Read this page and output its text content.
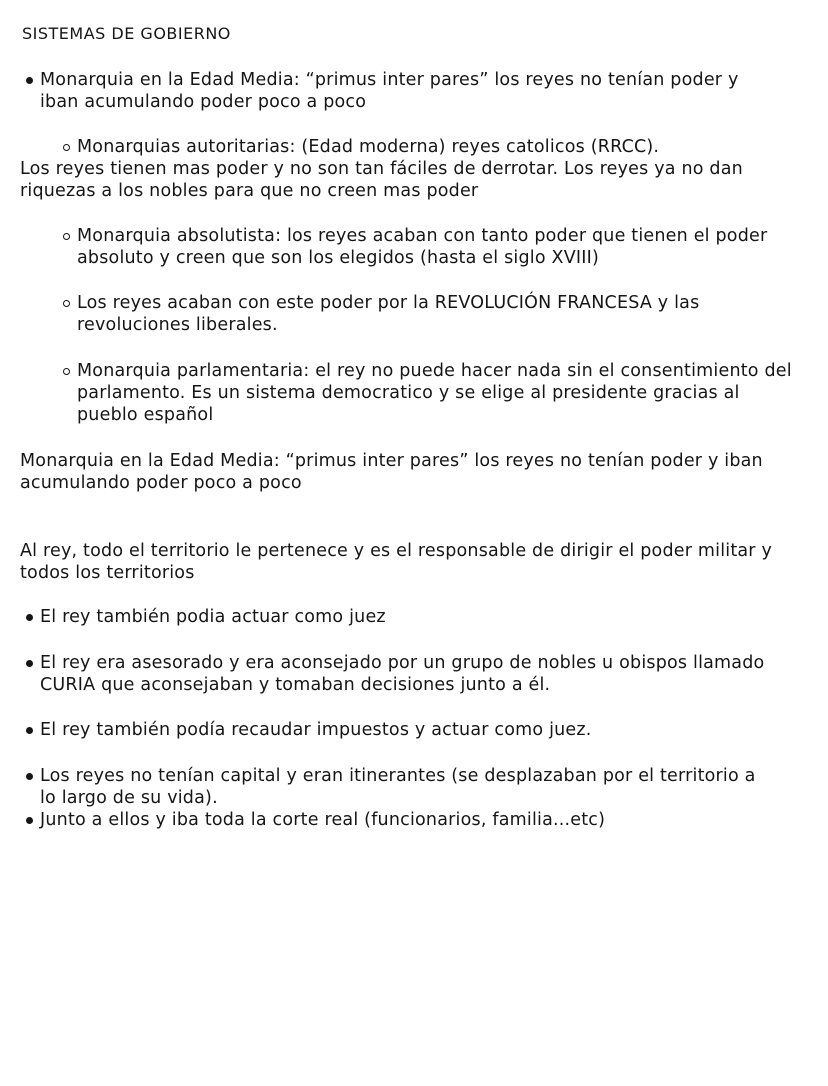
SISTEMAS DE GOBIERNO
Monarquia en la Edad Media: “primus inter pares” los reyes no tenían poder y iban acumulando poder poco a poco
Monarquias autoritarias: (Edad moderna) reyes catolicos (RRCC).
Los reyes tienen mas poder y no son tan fáciles de derrotar. Los reyes ya no dan riquezas a los nobles para que no creen mas poder
Monarquia absolutista: los reyes acaban con tanto poder que tienen el poder absoluto y creen que son los elegidos (hasta el siglo XVIII)
Los reyes acaban con este poder por la REVOLUCIÓN FRANCESA y las revoluciones liberales.
Monarquia parlamentaria: el rey no puede hacer nada sin el consentimiento del parlamento. Es un sistema democratico y se elige al presidente gracias al pueblo español
Monarquia en la Edad Media: “primus inter pares” los reyes no tenían poder y iban acumulando poder poco a poco
Al rey, todo el territorio le pertenece y es el responsable de dirigir el poder militar y todos los territorios
El rey también podia actuar como juez
El rey era asesorado y era aconsejado por un grupo de nobles u obispos llamado CURIA que aconsejaban y tomaban decisiones junto a él.
El rey también podía recaudar impuestos y actuar como juez.
Los reyes no tenían capital y eran itinerantes (se desplazaban por el territorio a lo largo de su vida).
Junto a ellos y iba toda la corte real (funcionarios, familia...etc)
